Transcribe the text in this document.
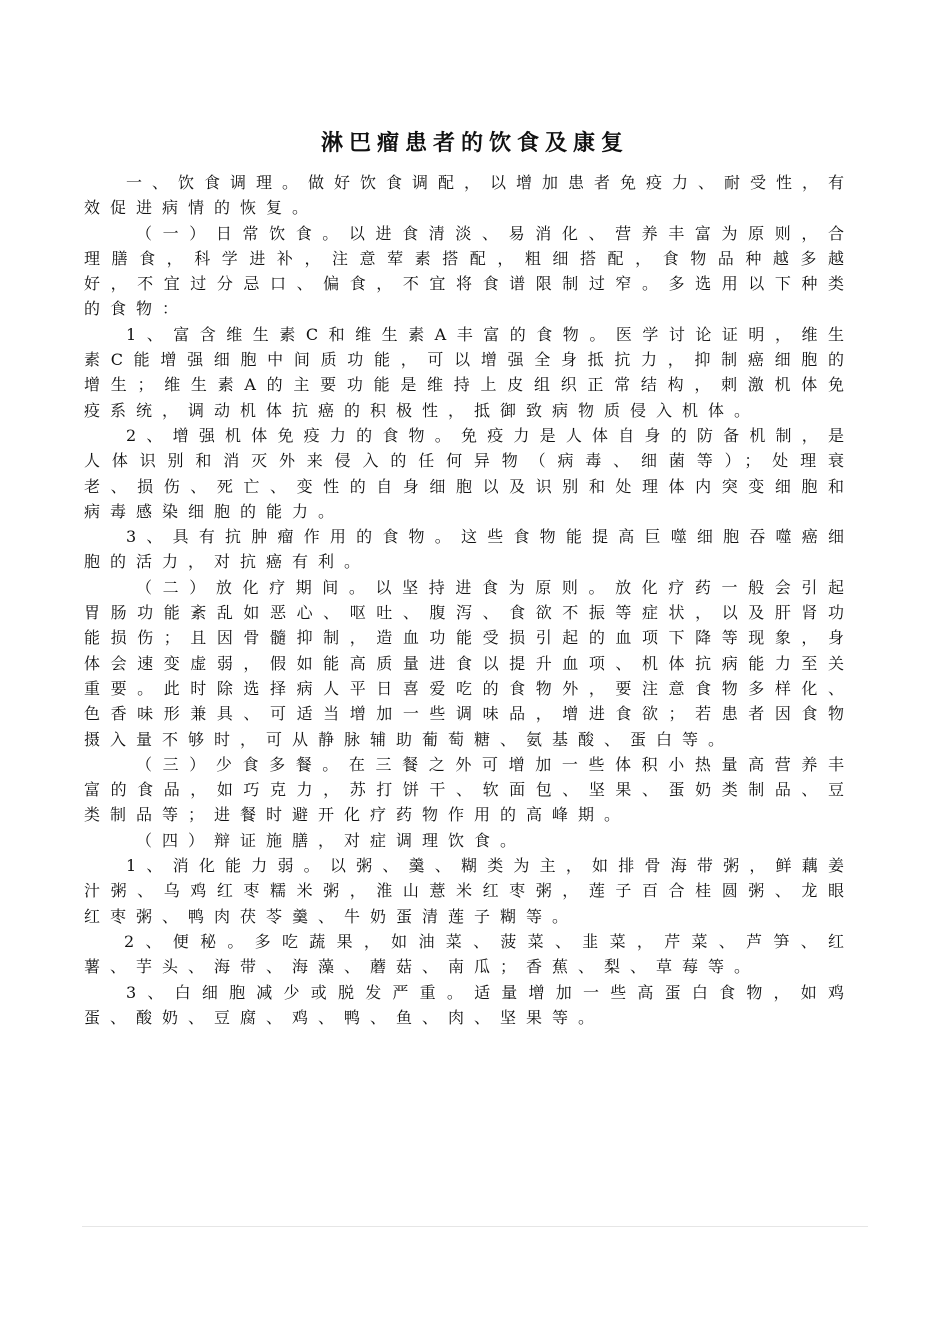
淋巴瘤患者的饮食及康复

一、饮食调理。做好饮食调配，以增加患者免疫力、耐受性，有效促进病情的恢复。

（一）日常饮食。以进食清淡、易消化、营养丰富为原则，合理膳食，科学进补，注意荤素搭配，粗细搭配，食物品种越多越好，不宜过分忌口、偏食，不宜将食谱限制过窄。多选用以下种类的食物：

1、富含维生素C和维生素A丰富的食物。医学讨论证明，维生素C能增强细胞中间质功能，可以增强全身抵抗力，抑制癌细胞的增生；维生素A的主要功能是维持上皮组织正常结构，刺激机体免疫系统，调动机体抗癌的积极性，抵御致病物质侵入机体。

2、增强机体免疫力的食物。免疫力是人体自身的防备机制，是人体识别和消灭外来侵入的任何异物（病毒、细菌等）；处理衰老、损伤、死亡、变性的自身细胞以及识别和处理体内突变细胞和病毒感染细胞的能力。

3、具有抗肿瘤作用的食物。这些食物能提高巨噬细胞吞噬癌细胞的活力，对抗癌有利。

（二）放化疗期间。以坚持进食为原则。放化疗药一般会引起胃肠功能紊乱如恶心、呕吐、腹泻、食欲不振等症状，以及肝肾功能损伤；且因骨髓抑制，造血功能受损引起的血项下降等现象，身体会速变虚弱，假如能高质量进食以提升血项、机体抗病能力至关重要。此时除选择病人平日喜爱吃的食物外，要注意食物多样化、色香味形兼具、可适当增加一些调味品，增进食欲；若患者因食物摄入量不够时，可从静脉辅助葡萄糖、氨基酸、蛋白等。

（三）少食多餐。在三餐之外可增加一些体积小热量高营养丰富的食品，如巧克力，苏打饼干、软面包、坚果、蛋奶类制品、豆类制品等；进餐时避开化疗药物作用的高峰期。

（四）辩证施膳，对症调理饮食。

1、消化能力弱。以粥、羹、糊类为主，如排骨海带粥，鲜藕姜汁粥、乌鸡红枣糯米粥，淮山薏米红枣粥，莲子百合桂圆粥、龙眼红枣粥、鸭肉茯苓羹、牛奶蛋清莲子糊等。

2、便秘。多吃蔬果，如油菜、菠菜、韭菜，芹菜、芦笋、红薯、芋头、海带、海藻、蘑菇、南瓜；香蕉、梨、草莓等。

3、白细胞减少或脱发严重。适量增加一些高蛋白食物，如鸡蛋、酸奶、豆腐、鸡、鸭、鱼、肉、坚果等。
